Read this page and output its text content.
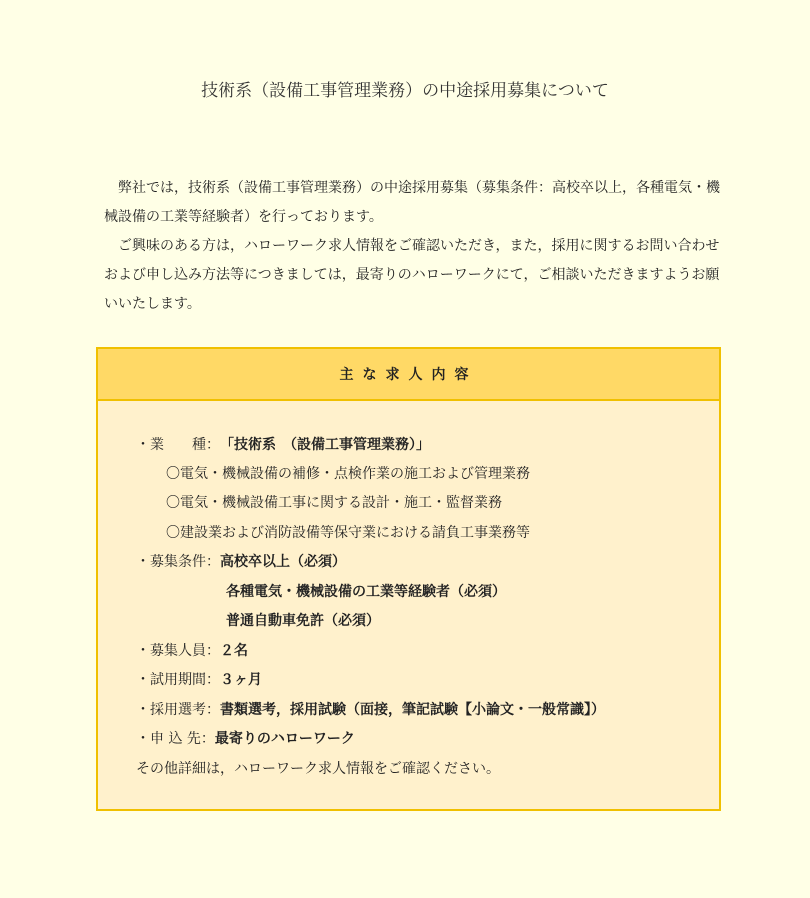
技術系（設備工事管理業務）の中途採用募集について

弊社では，技術系（設備工事管理業務）の中途採用募集（募集条件：高校卒以上，各種電気・機械設備の工業等経験者）を行っております。

ご興味のある方は，ハローワーク求人情報をご確認いただき，また，採用に関するお問い合わせおよび申し込み方法等につきましては，最寄りのハローワークにて，ご相談いただきますようお願いいたします。

主な求人内容
・業　　種：「技術系　（設備工事管理業務）」
〇電気・機械設備の補修・点検作業の施工および管理業務
〇電気・機械設備工事に関する設計・施工・監督業務
〇建設業および消防設備等保守業における請負工事業務等
・募集条件：高校卒以上（必須）
各種電気・機械設備の工業等経験者（必須）
普通自動車免許（必須）
・募集人員：２名
・試用期間：３ヶ月
・採用選考：書類選考，採用試験（面接，筆記試験【小論文・一般常識】）
・申 込 先：最寄りのハローワーク
その他詳細は，ハローワーク求人情報をご確認ください。
